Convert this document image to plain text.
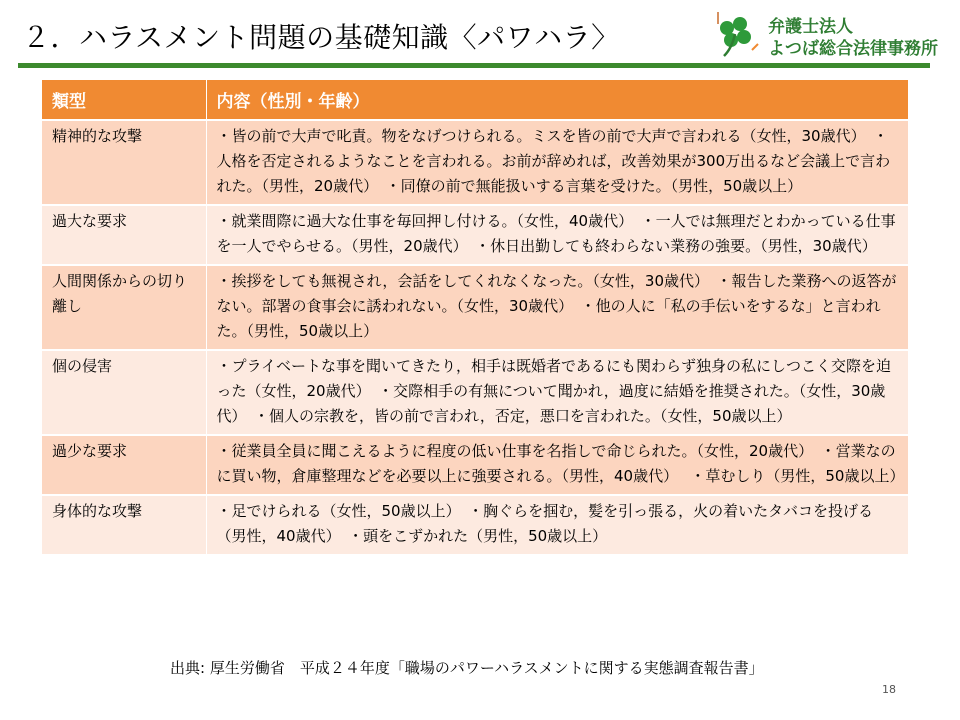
２．ハラスメント問題の基礎知識〈パワハラ〉	弁護士法人
よつば総合法律事務所
類型	内容（性別・年齢）
精神的な攻撃	・皆の前で大声で叱責。物をなげつけられる。ミスを皆の前で大声で言われる（女性，30歳代）　・人格を否定されるようなことを言われる。お前が辞めれば，改善効果が300万出るなど会議上で言われた。（男性，20歳代）　・同僚の前で無能扱いする言葉を受けた。（男性，50歳以上）
過大な要求	・就業間際に過大な仕事を毎回押し付ける。（女性，40歳代）　・一人では無理だとわかっている仕事を一人でやらせる。（男性，20歳代）　・休日出勤しても終わらない業務の強要。（男性，30歳代）
人間関係からの切り離し	・挨拶をしても無視され，会話をしてくれなくなった。（女性，30歳代）　・報告した業務への返答がない。部署の食事会に誘われない。（女性，30歳代）　・他の人に「私の手伝いをするな」と言われた。（男性，50歳以上）
個の侵害	・プライベートな事を聞いてきたり，相手は既婚者であるにも関わらず独身の私にしつこく交際を迫った（女性，20歳代）　・交際相手の有無について聞かれ，過度に結婚を推奨された。（女性，30歳代）　・個人の宗教を，皆の前で言われ，否定，悪口を言われた。（女性，50歳以上）
過少な要求	・従業員全員に聞こえるように程度の低い仕事を名指しで命じられた。（女性，20歳代）　・営業なのに買い物，倉庫整理などを必要以上に強要される。（男性，40歳代）　 ・草むしり（男性，50歳以上）
身体的な攻撃	・足でけられる（女性，50歳以上）　・胸ぐらを掴む，髪を引っ張る，火の着いたタバコを投げる（男性，40歳代）　・頭をこずかれた（男性，50歳以上）
出典: 厚生労働省　平成２４年度「職場のパワーハラスメントに関する実態調査報告書」
18
